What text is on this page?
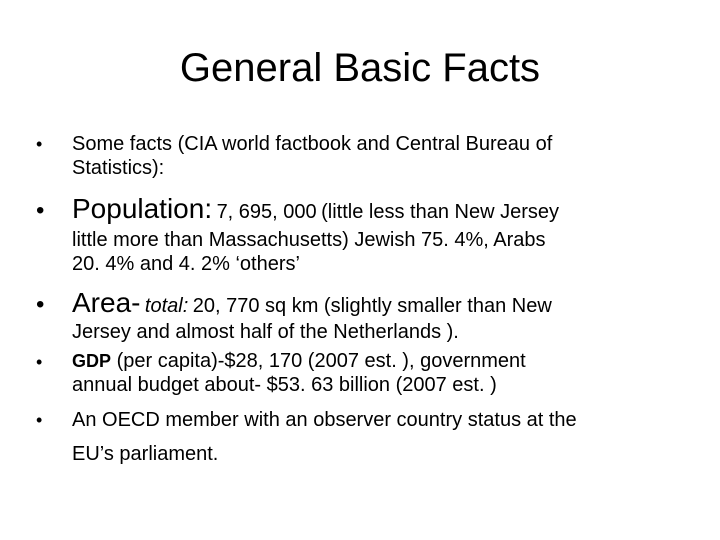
General Basic Facts
• Some facts (CIA world factbook and Central Bureau of
Statistics):
• Population: 7, 695, 000 (little less than New Jersey
little more than Massachusetts) Jewish 75. 4%, Arabs
20. 4% and 4. 2% ‘others’
• Area- total: 20, 770 sq km (slightly smaller than New
Jersey and almost half of the Netherlands ).
• GDP (per capita)-$28, 170 (2007 est. ), government
annual budget about- $53. 63 billion (2007 est. )
• An OECD member with an observer country status at the
EU’s parliament.
